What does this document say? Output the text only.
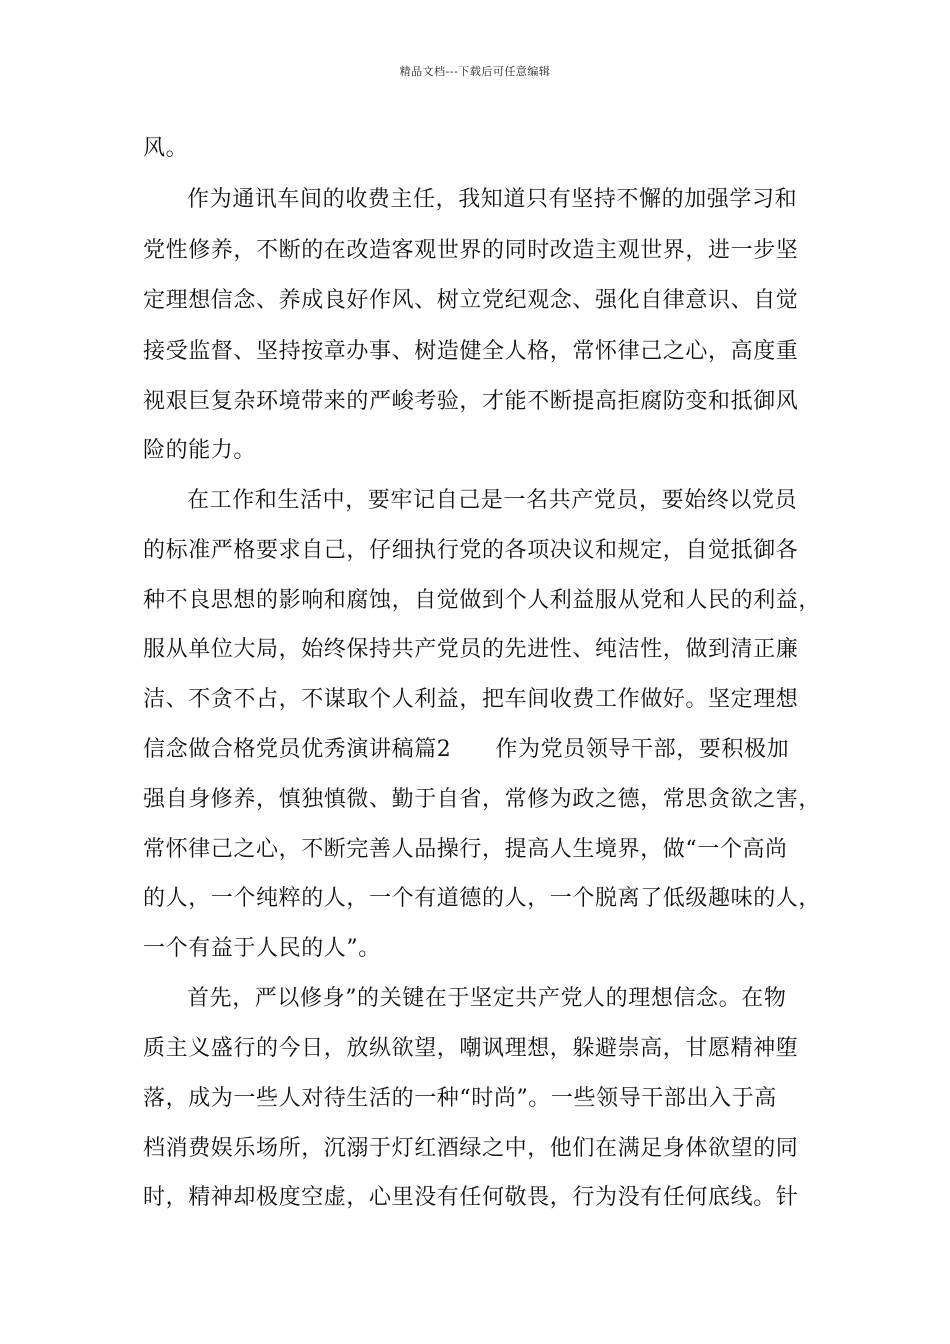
精品文档---下载后可任意编辑
风。
作为通讯车间的收费主任，我知道只有坚持不懈的加强学习和
党性修养，不断的在改造客观世界的同时改造主观世界，进一步坚
定理想信念、养成良好作风、树立党纪观念、强化自律意识、自觉
接受监督、坚持按章办事、树造健全人格，常怀律己之心，高度重
视艰巨复杂环境带来的严峻考验，才能不断提高拒腐防变和抵御风
险的能力。
在工作和生活中，要牢记自己是一名共产党员，要始终以党员
的标准严格要求自己，仔细执行党的各项决议和规定，自觉抵御各
种不良思想的影响和腐蚀，自觉做到个人利益服从党和人民的利益，
服从单位大局，始终保持共产党员的先进性、纯洁性，做到清正廉
洁、不贪不占，不谋取个人利益，把车间收费工作做好。坚定理想
信念做合格党员优秀演讲稿篇2 作为党员领导干部，要积极加
强自身修养，慎独慎微、勤于自省，常修为政之德，常思贪欲之害，
常怀律己之心，不断完善人品操行，提高人生境界，做“一个高尚
的人，一个纯粹的人，一个有道德的人，一个脱离了低级趣味的人，
一个有益于人民的人”。
首先，严以修身”的关键在于坚定共产党人的理想信念。在物
质主义盛行的今日，放纵欲望，嘲讽理想，躲避崇高，甘愿精神堕
落，成为一些人对待生活的一种“时尚”。一些领导干部出入于高
档消费娱乐场所，沉溺于灯红酒绿之中，他们在满足身体欲望的同
时，精神却极度空虚，心里没有任何敬畏，行为没有任何底线。针
